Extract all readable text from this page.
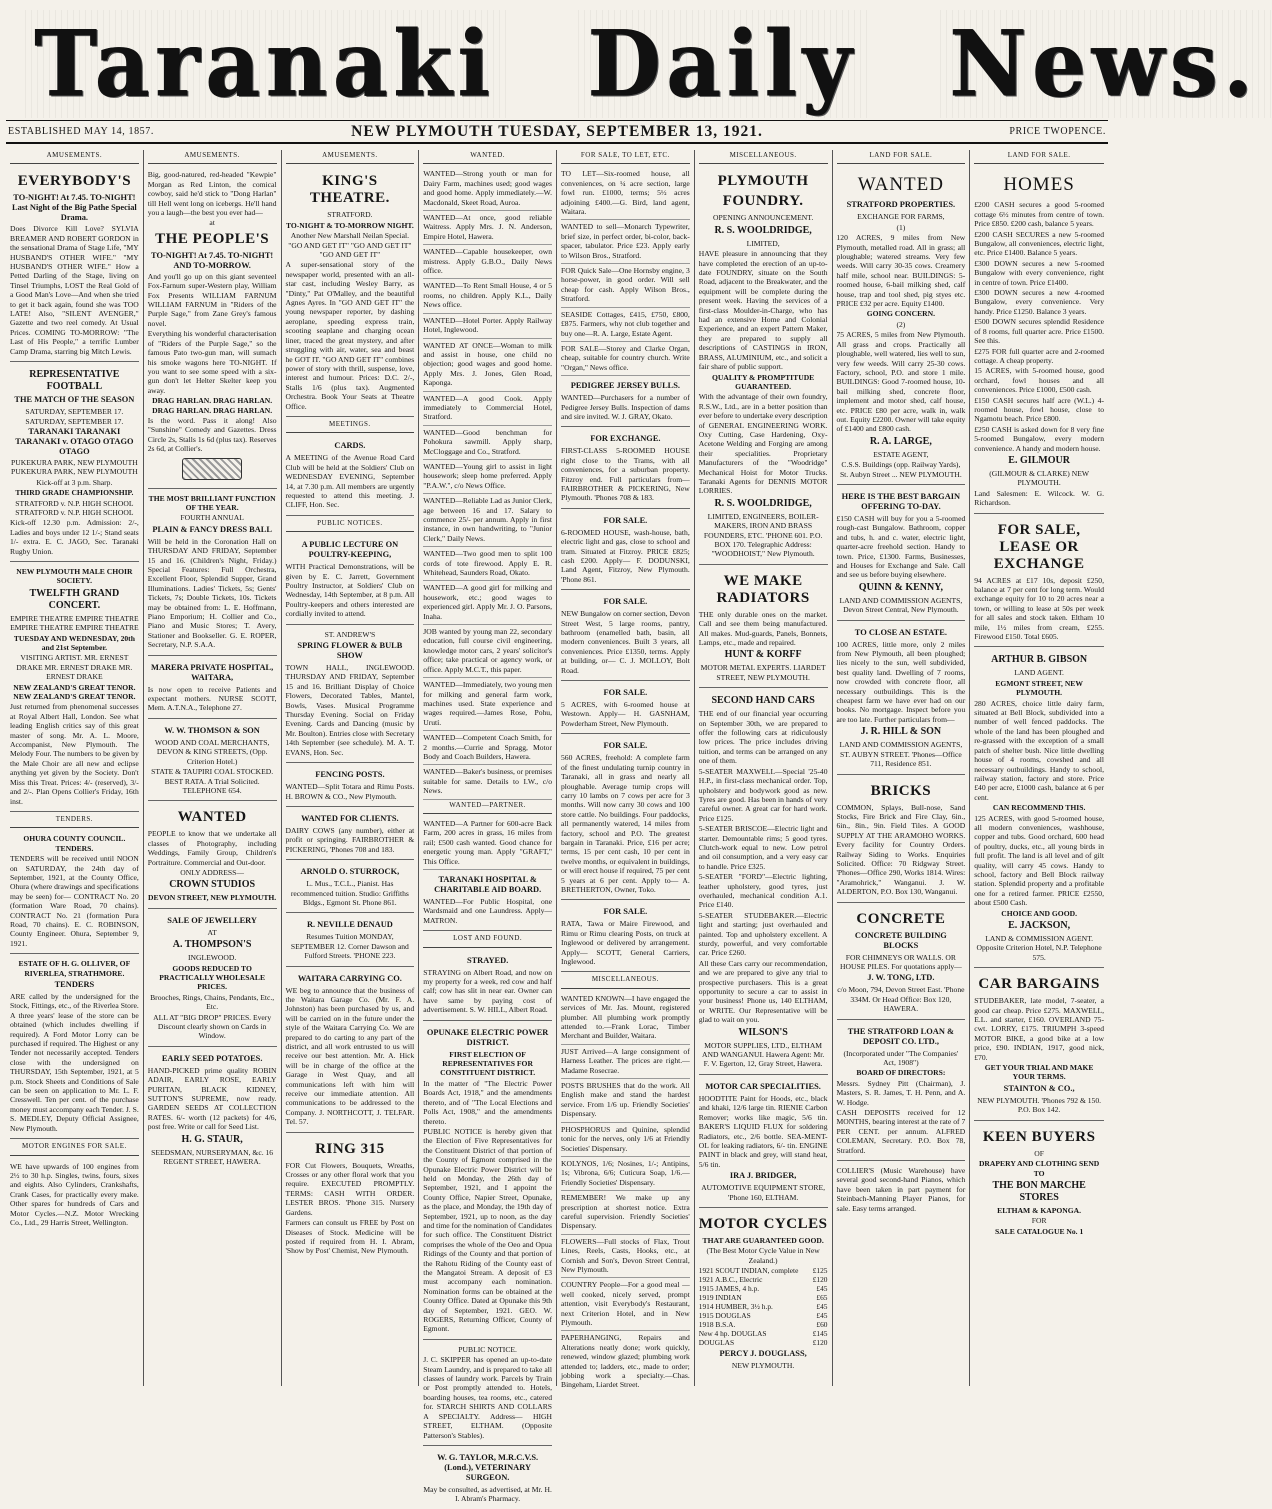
Taranaki Daily News.
ESTABLISHED MAY 14, 1857.	NEW PLYMOUTH TUESDAY, SEPTEMBER 13, 1921.	PRICE TWOPENCE.
AMUSEMENTS.
EVERYBODY'S

TO-NIGHT! At 7.45. TO-NIGHT! Last Night of the Big Pathe Special Drama.

Does Divorce Kill Love? SYLVIA BREAMER AND ROBERT GORDON in the sensational Drama of Stage Life, "MY HUSBAND'S OTHER WIFE." "MY HUSBAND'S OTHER WIFE." How a Petted Darling of the Stage, living on Tinsel Triumphs, LOST the Real Gold of a Good Man's Love—And when she tried to get it back again, found she was TOO LATE! Also, "SILENT AVENGER," Gazette and two reel comedy. At Usual Prices. COMING TO-MORROW: "The Last of His People," a terrific Lumber Camp Drama, starring big Mitch Lewis.

REPRESENTATIVE FOOTBALL
THE MATCH OF THE SEASON

SATURDAY, SEPTEMBER 17. SATURDAY, SEPTEMBER 17.

TARANAKI TARANAKI TARANAKI v. OTAGO OTAGO OTAGO

PUKEKURA PARK, NEW PLYMOUTH PUKEKURA PARK, NEW PLYMOUTH

Kick-off at 3 p.m. Sharp.

THIRD GRADE CHAMPIONSHIP.

STRATFORD v. N.P. HIGH SCHOOL STRATFORD v. N.P. HIGH SCHOOL

Kick-off 12.30 p.m. Admission: 2/-, Ladies and boys under 12 1/-; Stand seats 1/- extra. E. C. JAGO, Sec. Taranaki Rugby Union.

NEW PLYMOUTH MALE CHOIR SOCIETY.

TWELFTH GRAND CONCERT.

EMPIRE THEATRE EMPIRE THEATRE EMPIRE THEATRE EMPIRE THEATRE

TUESDAY AND WEDNESDAY, 20th and 21st September.

VISITING ARTIST. MR. ERNEST DRAKE MR. ERNEST DRAKE MR. ERNEST DRAKE

NEW ZEALAND'S GREAT TENOR. NEW ZEALAND'S GREAT TENOR.

Just returned from phenomenal successes at Royal Albert Hall, London. See what leading English critics say of this great master of song. Mr. A. L. Moore, Accompanist, New Plymouth. The Melody Four. The numbers to be given by the Male Choir are all new and eclipse anything yet given by the Society. Don't Miss this Treat. Prices: 4/- (reserved), 3/- and 2/-. Plan Opens Collier's Friday, 16th inst.

TENDERS.

OHURA COUNTY COUNCIL. TENDERS.

TENDERS will be received until NOON on SATURDAY, the 24th day of September, 1921, at the County Office, Ohura (where drawings and specifications may be seen) for— CONTRACT No. 20 (formation Ware Road, 70 chains). CONTRACT No. 21 (formation Pura Road, 70 chains). E. C. ROBINSON, County Engineer. Ohura, September 9, 1921.

ESTATE OF H. G. OLLIVER, OF RIVERLEA, STRATHMORE.

TENDERS

ARE called by the undersigned for the Stock, Fittings, etc., of the Riverlea Store. A three years' lease of the store can be obtained (which includes dwelling if required). A Ford Motor Lorry can be purchased if required. The Highest or any Tender not necessarily accepted. Tenders close with the undersigned on THURSDAY, 15th September, 1921, at 5 p.m. Stock Sheets and Conditions of Sale can be seen on application to Mr. L. F. Cresswell. Ten per cent. of the purchase money must accompany each Tender. J. S. S. MEDLEY, Deputy Official Assignee, New Plymouth.

MOTOR ENGINES FOR SALE.

WE have upwards of 100 engines from 2½ to 30 h.p. Singles, twins, fours, sixes and eights. Also Cylinders, Crankshafts, Crank Cases, for practically every make. Other spares for hundreds of Cars and Motor Cycles.—N.Z. Motor Wrecking Co., Ltd., 29 Harris Street, Wellington.

AMUSEMENTS.

Big, good-natured, red-headed "Kewpie" Morgan as Red Linton, the comical cowboy, said he'd stick to "Dong Harlan" till Hell went long on icebergs. He'll hand you a laugh—the best you ever had—

at

THE PEOPLE'S

TO-NIGHT! At 7.45. TO-NIGHT! AND TO-MORROW.

And you'll go up on this giant seventeel Fox-Farnum super-Western play, William Fox Presents WILLIAM FARNUM WILLIAM FARNUM in "Riders of the Purple Sage," from Zane Grey's famous novel.

Everything his wonderful characterisation of "Riders of the Purple Sage," so the famous Pato two-gun man, will sumach his smoke wagons here TO-NIGHT. If you want to see some speed with a six-gun don't let Helter Skelter keep you away.

DRAG HARLAN. DRAG HARLAN. DRAG HARLAN. DRAG HARLAN.

Is the word. Pass it along! Also "Sunshine" Comedy and Gazettes. Dress Circle 2s, Stalls 1s 6d (plus tax). Reserves 2s 6d, at Collier's.

THE MOST BRILLIANT FUNCTION OF THE YEAR.

FOURTH ANNUAL

PLAIN & FANCY DRESS BALL

Will be held in the Coronation Hall on THURSDAY AND FRIDAY, September 15 and 16. (Children's Night, Friday.) Special Features: Full Orchestra, Excellent Floor, Splendid Supper, Grand Illuminations. Ladies' Tickets, 5s; Gents' Tickets, 7s; Double Tickets, 10s. Tickets may be obtained from: L. E. Hoffmann, Piano Emporium; H. Collier and Co., Piano and Music Stores; T. Avery, Stationer and Bookseller. G. E. ROPER, Secretary, N.P. S.A.A.

MARERA PRIVATE HOSPITAL, WAITARA,

Is now open to receive Patients and expectant mothers. NURSE SCOTT, Mem. A.T.N.A., Telephone 27.

W. W. THOMSON & SON

WOOD AND COAL MERCHANTS, DEVON & KING STREETS, (Opp. Criterion Hotel.)

STATE & TAUPIRI COAL STOCKED. BEST RATA. A Trial Solicited. TELEPHONE 654.

WANTED

PEOPLE to know that we undertake all classes of Photography, including Weddings, Family Group, Children's Portraiture. Commercial and Out-door.

ONLY ADDRESS—

CROWN STUDIOS

DEVON STREET, NEW PLYMOUTH.

SALE OF JEWELLERY

AT

A. THOMPSON'S

INGLEWOOD.

GOODS REDUCED TO PRACTICALLY WHOLESALE PRICES.

Brooches, Rings, Chains, Pendants, Etc., Etc.

ALL AT "BIG DROP" PRICES. Every Discount clearly shown on Cards in Window.

EARLY SEED POTATOES.

HAND-PICKED prime quality ROBIN ADAIR, EARLY ROSE, EARLY PURITAN, BLACK KIDNEY, SUTTON'S SUPREME, now ready. GARDEN SEEDS AT COLLECTION RATES. 6/- worth (12 packets) for 4/6, post free. Write or call for Seed List.

H. G. STAUR,

SEEDSMAN, NURSERYMAN, &c. 16 REGENT STREET, HAWERA.

AMUSEMENTS.
KING'S THEATRE.

STRATFORD.

TO-NIGHT & TO-MORROW NIGHT.

Another New Marshall Neilan Special. "GO AND GET IT" "GO AND GET IT" "GO AND GET IT"

A super-sensational story of the newspaper world, presented with an all-star cast, including Wesley Barry, as "Dinty," Pat O'Malley, and the beautiful Agnes Ayres. In "GO AND GET IT" the young newspaper reporter, by dashing aeroplane, speeding express train, scooting seaplane and charging ocean liner, traced the great mystery, and after struggling with air, water, sea and beast he GOT IT. "GO AND GET IT" combines power of story with thrill, suspense, love, interest and humour. Prices: D.C. 2/-, Stalls 1/6 (plus tax). Augmented Orchestra. Book Your Seats at Theatre Office.

MEETINGS.
CARDS.

A MEETING of the Avenue Road Card Club will be held at the Soldiers' Club on WEDNESDAY EVENING, September 14, at 7.30 p.m. All members are urgently requested to attend this meeting. J. CLIFF, Hon. Sec.

PUBLIC NOTICES.
A PUBLIC LECTURE ON POULTRY-KEEPING,

WITH Practical Demonstrations, will be given by E. C. Jarrett, Government Poultry Instructor, at Soldiers' Club on Wednesday, 14th September, at 8 p.m. All Poultry-keepers and others interested are cordially invited to attend.

ST. ANDREW'S

SPRING FLOWER & BULB SHOW

TOWN HALL, INGLEWOOD. THURSDAY AND FRIDAY, September 15 and 16. Brilliant Display of Choice Flowers, Decorated Tables, Mantel, Bowls, Vases. Musical Programme Thursday Evening. Social on Friday Evening. Cards and Dancing (music by Mr. Boulton). Entries close with Secretary 14th September (see schedule). M. A. T. EVANS, Hon. Sec.

FENCING POSTS.

WANTED—Split Totara and Rimu Posts. H. BROWN & CO., New Plymouth.

WANTED FOR CLIENTS.

DAIRY COWS (any number), either at profit or springing. FAIRBROTHER & PICKERING, 'Phones 708 and 183.

ARNOLD O. STURROCK,

L. Mus., T.C.L., Pianist. Has recommenced tuition. Studio: Griffiths Bldgs., Egmont St. Phone 861.

R. NEVILLE DENAUD

Resumes Tuition MONDAY, SEPTEMBER 12. Corner Dawson and Fulford Streets. 'PHONE 223.

WAITARA CARRYING CO.

WE beg to announce that the business of the Waitara Garage Co. (Mr. F. A. Johnston) has been purchased by us, and will be carried on in the future under the style of the Waitara Carrying Co. We are prepared to do carting to any part of the district, and all work entrusted to us will receive our best attention. Mr. A. Hick will be in charge of the office at the Garage in West Quay, and all communications left with him will receive our immediate attention. All communications to be addressed to the Company. J. NORTHCOTT, J. TELFAR. Tel. 57.

RING 315

FOR Cut Flowers, Bouquets, Wreaths, Crosses or any other floral work that you require. EXECUTED PROMPTLY. TERMS: CASH WITH ORDER. LESTER BROS. 'Phone 315. Nursery Gardens.

Farmers can consult us FREE by Post on Diseases of Stock. Medicine will be posted if required from H. I. Abram, 'Show by Post' Chemist, New Plymouth.

WANTED.
WANTED—Strong youth or man for Dairy Farm, machines used; good wages and good home. Apply immediately.—W. Macdonald, Skeet Road, Auroa.
WANTED—At once, good reliable Waitress. Apply Mrs. J. N. Anderson, Empire Hotel, Hawera.
WANTED—Capable housekeeper, own mistress. Apply G.B.O., Daily News office.
WANTED—To Rent Small House, 4 or 5 rooms, no children. Apply K.L., Daily News office.
WANTED—Hotel Porter. Apply Railway Hotel, Inglewood.
WANTED AT ONCE—Woman to milk and assist in house, one child no objection; good wages and good home. Apply Mrs. J. Jones, Glen Road, Kaponga.
WANTED—A good Cook. Apply immediately to Commercial Hotel, Stratford.
WANTED—Good benchman for Pohokura sawmill. Apply sharp, McCloggage and Co., Stratford.
WANTED—Young girl to assist in light housework; sleep home preferred. Apply "P.A.W.", c/o News Office.
WANTED—Reliable Lad as Junior Clerk, age between 16 and 17. Salary to commence 25/- per annum. Apply in first instance, in own handwriting, to "Junior Clerk," Daily News.
WANTED—Two good men to split 100 cords of tote firewood. Apply E. R. Whitehead, Saunders Road, Okato.
WANTED—A good girl for milking and housework, etc.; good wages to experienced girl. Apply Mr. J. O. Parsons, Inaha.
JOB wanted by young man 22, secondary education, full course civil engineering, knowledge motor cars, 2 years' solicitor's office; take practical or agency work, or office. Apply M.C.T., this paper.
WANTED—Immediately, two young men for milking and general farm work, machines used. State experience and wages required.—James Rose, Pohu, Urutí.
WANTED—Competent Coach Smith, for 2 months.—Currie and Spragg, Motor Body and Coach Builders, Hawera.
WANTED—Baker's business, or premises suitable for same. Details to I.W., c/o News.
WANTED—PARTNER.
WANTED—A Partner for 600-acre Back Farm, 200 acres in grass, 16 miles from rail; £500 cash wanted. Good chance for energetic young man. Apply "GRAFT," This Office.
TARANAKI HOSPITAL & CHARITABLE AID BOARD.

WANTED—For Public Hospital, one Wardsmaid and one Laundress. Apply— MATRON.

LOST AND FOUND.
STRAYED.

STRAYING on Albert Road, and now on my property for a week, red cow and half calf; cow has slit in near ear. Owner can have same by paying cost of advertisement. S. W. HILL, Albert Road.

OPUNAKE ELECTRIC POWER DISTRICT.

FIRST ELECTION OF REPRESENTATIVES FOR CONSTITUENT DISTRICT.

In the matter of "The Electric Power Boards Act, 1918," and the amendments thereto, and of "The Local Elections and Polls Act, 1908," and the amendments thereto.

PUBLIC NOTICE is hereby given that the Election of Five Representatives for the Constituent District of that portion of the County of Egmont comprised in the Opunake Electric Power District will be held on Monday, the 26th day of September, 1921, and I appoint the County Office, Napier Street, Opunake, as the place, and Monday, the 19th day of September, 1921, up to noon, as the day and time for the nomination of Candidates for such office. The Constituent District comprises the whole of the Oeo and Opua Ridings of the County and that portion of the Rahotu Riding of the County east of the Mangatoi Stream. A deposit of £3 must accompany each nomination. Nomination forms can be obtained at the County Office. Dated at Opunake this 9th day of September, 1921. GEO. W. ROGERS, Returning Officer, County of Egmont.

PUBLIC NOTICE.

J. C. SKIPPER has opened an up-to-date Steam Laundry, and is prepared to take all classes of laundry work. Parcels by Train or Post promptly attended to. Hotels, boarding houses, tea rooms, etc., catered for. STARCH SHIRTS AND COLLARS A SPECIALTY. Address— HIGH STREET, ELTHAM. (Opposite Patterson's Stables).

W. G. TAYLOR, M.R.C.V.S. (Lond.), VETERINARY SURGEON.

May be consulted, as advertised, at Mr. H. I. Abram's Pharmacy.

FOR SALE, TO LET, ETC.
TO LET—Six-roomed house, all conveniences, on ¼ acre section, large fowl run. £1000, terms; 5½ acres adjoining £400.—G. Bird, land agent, Waitara.
WANTED to sell—Monarch Typewriter, brief size, in perfect order, bi-color, back-spacer, tabulator. Price £23. Apply early to Wilson Bros., Stratford.
FOR Quick Sale—One Hornsby engine, 3 horse-power, in good order. Will sell cheap for cash. Apply Wilson Bros., Stratford.
SEASIDE Cottages, £415, £750, £800, £875. Farmers, why not club together and buy one—R. A. Large, Estate Agent.
FOR SALE—Storey and Clarke Organ, cheap, suitable for country church. Write "Organ," News office.
PEDIGREE JERSEY BULLS.

WANTED—Purchasers for a number of Pedigree Jersey Bulls. Inspection of dams and sire invited. W. J. GRAY, Okato.

FOR EXCHANGE.

FIRST-CLASS 5-ROOMED HOUSE right close to the Trams, with all conveniences, for a suburban property. Fitzroy end. Full particulars from— FAIRBROTHER & PICKERING, New Plymouth. 'Phones 708 & 183.

FOR SALE.

6-ROOMED HOUSE, wash-house, bath, electric light and gas, close to school and tram. Situated at Fitzroy. PRICE £825; cash £200. Apply— F. DODUNSKI, Land Agent, Fitzroy, New Plymouth. 'Phone 861.

FOR SALE.

NEW Bungalow on corner section, Devon Street West, 5 large rooms, pantry, bathroom (enamelled bath, basin, all modern conveniences. Built 3 years, all conveniences. Price £1350, terms. Apply at building, or— C. J. MOLLOY, Bolt Road.

FOR SALE.

5 ACRES, with 6-roomed house at Westown. Apply— H. GASNHAM, Powderham Street, New Plymouth.

FOR SALE.

560 ACRES, freehold: A complete farm of the finest undulating turnip country in Taranaki, all in grass and nearly all ploughable. Average turnip crops will carry 10 lambs on 7 cows per acre for 3 months. Will now carry 30 cows and 100 store cattle. No buildings. Four paddocks, all permanently watered, 14 miles from factory, school and P.O. The greatest bargain in Taranaki. Price, £16 per acre; terms, 15 per cent cash, 10 per cent in twelve months, or equivalent in buildings, or will erect house if required, 75 per cent 5 years at 6 per cent. Apply to— A. BRETHERTON, Owner, Toko.

FOR SALE.

RATA, Tawa or Maire Firewood, and Rimu or Rimu clearing Posts, on truck at Inglewood or delivered by arrangement. Apply— SCOTT, General Carriers, Inglewood.

MISCELLANEOUS.
WANTED KNOWN—I have engaged the services of Mr. Jas. Mount, registered plumber. All plumbing work promptly attended to.—Frank Lorac, Timber Merchant and Builder, Waitara.
JUST Arrived—A large consignment of Harness Leather. The prices are right.—Madame Rosecrae.
POSTS BRUSHES that do the work. All English make and stand the hardest service. From 1/6 up. Friendly Societies' Dispensary.
PHOSPHORUS and Quinine, splendid tonic for the nerves, only 1/6 at Friendly Societies' Dispensary.
KOLYNOS, 1/6; Nosines, 1/-; Antipins, 1s; Vibrona, 6/6; Cuticura Soap, 1/6.—Friendly Societies' Dispensary.
REMEMBER! We make up any prescription at shortest notice. Extra careful supervision. Friendly Societies' Dispensary.
FLOWERS—Full stocks of Flax, Trout Lines, Reels, Casts, Hooks, etc., at Cornish and Son's, Devon Street Central, New Plymouth.
COUNTRY People—For a good meal —well cooked, nicely served, prompt attention, visit Everybody's Restaurant, next Criterion Hotel, and in New Plymouth.
PAPERHANGING, Repairs and Alterations neatly done; work quickly, renewed, window glazed; plumbing work attended to; ladders, etc., made to order; jobbing work a specialty.—Chas. Bingeham, Liardet Street.
MISCELLANEOUS.
PLYMOUTH
FOUNDRY.

OPENING ANNOUNCEMENT.

R. S. WOOLDRIDGE,

LIMITED,

HAVE pleasure in announcing that they have completed the erection of an up-to-date FOUNDRY, situate on the South Road, adjacent to the Breakwater, and the equipment will be complete during the present week. Having the services of a first-class Moulder-in-Charge, who has had an extensive Home and Colonial Experience, and an expert Pattern Maker, they are prepared to supply all descriptions of CASTINGS in IRON, BRASS, ALUMINIUM, etc., and solicit a fair share of public support.

QUALITY & PROMPTITUDE GUARANTEED.

With the advantage of their own foundry, R.S.W., Ltd., are in a better position than ever before to undertake every description of GENERAL ENGINEERING WORK. Oxy Cutting, Case Hardening, Oxy-Acetone Welding and Forging are among their specialities. Proprietary Manufacturers of the "Woodridge" Mechanical Hoist for Motor Trucks. Taranaki Agents for DENNIS MOTOR LORRIES.

R. S. WOOLDRIDGE,

LIMITED, ENGINEERS, BOILER-MAKERS, IRON AND BRASS FOUNDERS, ETC. 'PHONE 601. P.O. BOX 170. Telegraphic Address: "WOODHOIST," New Plymouth.

WE MAKE RADIATORS

THE only durable ones on the market. Call and see them being manufactured. All makes. Mud-guards, Panels, Bonnets, Lamps, etc., made and repaired.

HUNT & KORFF

MOTOR METAL EXPERTS. LIARDET STREET, NEW PLYMOUTH.

SECOND HAND CARS

THE end of our financial year occurring on September 30th, we are prepared to offer the following cars at ridiculously low prices. The price includes driving tuition, and terms can be arranged on any one of them.

5-SEATER MAXWELL—Special '25-40 H.P., in first-class mechanical order. Top, upholstery and bodywork good as new. Tyres are good. Has been in hands of very careful owner. A great car for hard work. Price £125.

5-SEATER BRISCOE—Electric light and starter. Demountable rims; 5 good tyres. Clutch-work equal to new. Low petrol and oil consumption, and a very easy car to handle. Price £325.

5-SEATER "FORD"—Electric lighting, leather upholstery, good tyres, just overhauled, mechanical condition A.1. Price £140.

5-SEATER STUDEBAKER.—Electric light and starting; just overhauled and painted. Top and upholstery excellent. A sturdy, powerful, and very comfortable car. Price £260.

All these Cars carry our recommendation, and we are prepared to give any trial to prospective purchasers. This is a great opportunity to secure a car to assist in your business! Phone us, 140 ELTHAM, or WRITE. Our Representative will be glad to wait on you.

WILSON'S

MOTOR SUPPLIES, LTD., ELTHAM AND WANGANUI. Hawera Agent: Mr. F. V. Egerton, 12, Gray Street, Hawera.

MOTOR CAR SPECIALITIES.

HOODTITE Paint for Hoods, etc., black and khaki, 12/6 large tin. RIENIE Carbon Remover; works like magic, 5/6 tin. BAKER'S LIQUID FLUX for soldering Radiators, etc., 2/6 bottle. SEA-MENT-OL for leaking radiators, 6/- tin. ENGINE PAINT in black and grey, will stand heat, 5/6 tin.

IRA J. BRIDGER,

AUTOMOTIVE EQUIPMENT STORE, 'Phone 160, ELTHAM.

MOTOR CYCLES

THAT ARE GUARANTEED GOOD.

(The Best Motor Cycle Value in New Zealand.)

1921 SCOUT INDIAN, complete	£125
1921 A.B.C., Electric	£120
1915 JAMES, 4 h.p.	£45
1919 INDIAN	£65
1914 HUMBER, 3½ h.p.	£45
1915 DOUGLAS	£45
1918 B.S.A.	£60
New 4 hp. DOUGLAS	£145
DOUGLAS	£120
PERCY J. DOUGLASS,

NEW PLYMOUTH.

LAND FOR SALE.
WANTED
STRATFORD PROPERTIES.

EXCHANGE FOR FARMS,

(1)

120 ACRES, 9 miles from New Plymouth, metalled road. All in grass; all ploughable; watered streams. Very few weeds. Will carry 30-35 cows. Creamery half mile, school near. BUILDINGS: 5-roomed house, 6-bail milking shed, calf house, trap and tool shed, pig styes etc. PRICE £32 per acre. Equity £1400.

GOING CONCERN.

(2)

75 ACRES, 5 miles from New Plymouth. All grass and crops. Practically all ploughable, well watered, lies well to sun, very few weeds. Will carry 25-30 cows. Factory, school, P.O. and store 1 mile. BUILDINGS: Good 7-roomed house, 10-bail milking shed, concrete floor, implement and motor shed, calf house, etc. PRICE £80 per acre, walk in, walk out. Equity £2200. Owner will take equity of £1400 and £800 cash.

R. A. LARGE,

ESTATE AGENT,

C.S.S. Buildings (opp. Railway Yards), St. Aubyn Street ... NEW PLYMOUTH.

HERE IS THE BEST BARGAIN OFFERING TO-DAY.

£150 CASH will buy for you a 5-roomed rough-cast Bungalow. Bathroom, copper and tubs, h. and c. water, electric light, quarter-acre freehold section. Handy to town. Price, £1300. Farms, Businesses, and Houses for Exchange and Sale. Call and see us before buying elsewhere.

QUINN & KENNY,

LAND AND COMMISSION AGENTS, Devon Street Central, New Plymouth.

TO CLOSE AN ESTATE.

100 ACRES, little more, only 2 miles from New Plymouth, all been ploughed; lies nicely to the sun, well subdivided, best quality land. Dwelling of 7 rooms, now crowded with concrete floor, all necessary outbuildings. This is the cheapest farm we have ever had on our books. No mortgage. Inspect before you are too late. Further particulars from—

J. R. HILL & SON

LAND AND COMMISSION AGENTS, ST. AUBYN STREET. 'Phones—Office 711, Residence 851.

BRICKS

COMMON, Splays, Bull-nose, Sand Stocks, Fire Brick and Fire Clay, 6in., 6in., 8in., 9in. Field Tiles. A GOOD SUPPLY AT THE ARAMOHO WORKS. Every facility for Country Orders. Railway Siding to Works. Enquiries Solicited. Office: 70 Ridgway Street. 'Phones—Office 290, Works 1814. Wires: "Aramohrick," Wanganui. J. W. ALDERTON, P.O. Box 130, Wanganui.

CONCRETE
CONCRETE BUILDING BLOCKS

FOR CHIMNEYS OR WALLS. OR HOUSE PILES. For quotations apply—

J. W. TONG, LTD.

c/o Moon, 794, Devon Street East. 'Phone 334M. Or Head Office: Box 120, HAWERA.

THE STRATFORD LOAN & DEPOSIT CO. LTD.,

(Incorporated under "The Companies' Act, 1908")

BOARD OF DIRECTORS:

Messrs. Sydney Pitt (Chairman), J. Masters, S. R. James, T. H. Penn, and A. W. Hodge.

CASH DEPOSITS received for 12 MONTHS, bearing interest at the rate of 7 PER CENT. per annum. ALFRED COLEMAN, Secretary. P.O. Box 78, Stratford.

COLLIER'S (Music Warehouse) have several good second-hand Pianos, which have been taken in part payment for Steinbach-Manning Player Pianos, for sale. Easy terms arranged.

LAND FOR SALE.
HOMES

£200 CASH secures a good 5-roomed cottage 6½ minutes from centre of town. Price £850. £200 cash, balance 5 years.

£200 CASH SECURES a new 5-roomed Bungalow, all conveniences, electric light, etc. Price £1400. Balance 5 years.

£300 DOWN secures a new 5-roomed Bungalow with every convenience, right in centre of town. Price £1400.

£300 DOWN secures a new 4-roomed Bungalow, every convenience. Very handy. Price £1250. Balance 3 years.

£500 DOWN secures splendid Residence of 8 rooms, full quarter acre. Price £1500. See this.

£275 FOR full quarter acre and 2-roomed cottage. A cheap property.

15 ACRES, with 5-roomed house, good orchard, fowl houses and all conveniences. Price £1000, £500 cash.

£150 CASH secures half acre (W.L.) 4-roomed house, fowl house, close to Ngamotu beach. Price £800.

£250 CASH is asked down for 8 very fine 5-roomed Bungalow, every modern convenience. A handy and modern house.

E. GILMOUR

(GILMOUR & CLARKE) NEW PLYMOUTH.

Land Salesmen: E. Wilcock. W. G. Richardson.

FOR SALE, LEASE OR EXCHANGE

94 ACRES at £17 10s, deposit £250, balance at 7 per cent for long term. Would exchange equity for 10 to 20 acres near a town, or willing to lease at 50s per week for all sales and stock taken. Eltham 10 mile, 1½ miles from cream, £255. Firewood £150. Total £605.

ARTHUR B. GIBSON

LAND AGENT.

EGMONT STREET, NEW PLYMOUTH.

280 ACRES, choice little dairy farm, situated at Bell Block, subdivided into a number of well fenced paddocks. The whole of the land has been ploughed and re-grassed with the exception of a small patch of shelter bush. Nice little dwelling house of 4 rooms, cowshed and all necessary outbuildings. Handy to school, railway station, factory and store. Price £40 per acre, £1000 cash, balance at 6 per cent.

CAN RECOMMEND THIS.

125 ACRES, with good 5-roomed house, all modern conveniences, washhouse, copper and tubs. Good orchard, 600 head of poultry, ducks, etc., all young birds in full profit. The land is all level and of gilt quality, will carry 45 cows. Handy to school, factory and Bell Block railway station. Splendid property and a profitable one for a retired farmer. PRICE £2550, about £500 Cash.

CHOICE AND GOOD.

E. JACKSON,

LAND & COMMISSION AGENT. Opposite Criterion Hotel, N.P. Telephone 575.

CAR BARGAINS

STUDEBAKER, late model, 7-seater, a good car cheap. Price £275. MAXWELL, E.L. and starter, £160. OVERLAND 75-cwt. LORRY, £175. TRIUMPH 3-speed MOTOR BIKE, a good bike at a low price, £90. INDIAN, 1917, good nick, £70.

GET YOUR TRIAL AND MAKE YOUR TERMS.

STAINTON & CO.,

NEW PLYMOUTH. 'Phones 792 & 150. P.O. Box 142.

KEEN BUYERS

OF

DRAPERY AND CLOTHING SEND TO

THE BON MARCHE STORES

ELTHAM & KAPONGA.

FOR

SALE CATALOGUE No. 1
